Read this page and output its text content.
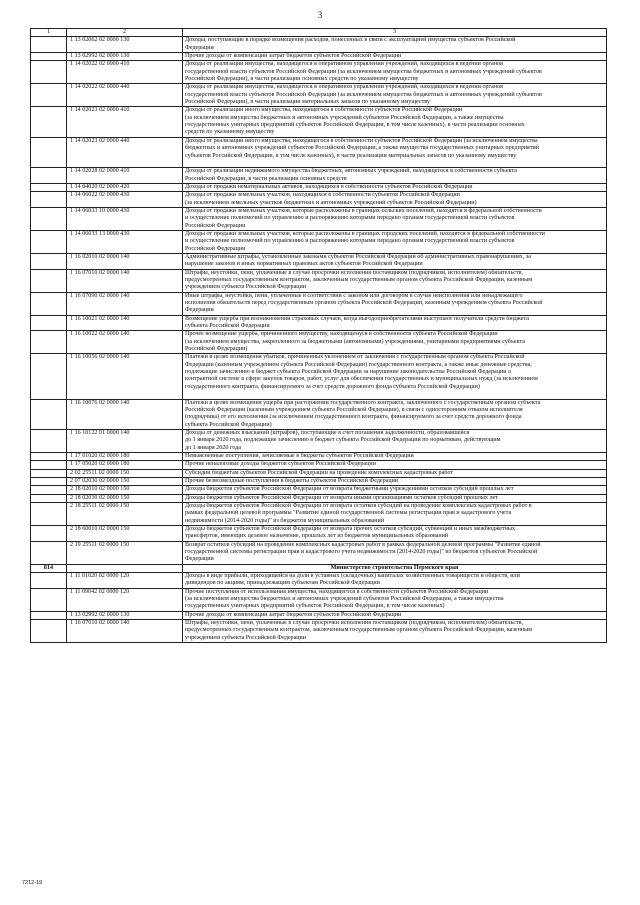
3
1	2	3
	1 13 02062 02 0000 130	Доходы, поступающие в порядке возмещения расходов, понесенных в связи с эксплуатацией имущества субъектов Российской
Федерации

	1 13 02992 02 0000 130	Прочие доходы от компенсации затрат бюджетов субъектов Российской Федерации

	1 14 02022 02 0000 410	Доходы от реализации имущества, находящегося в оперативном управлении учреждений, находящихся в ведении органов
государственной власти субъектов Российской Федерации (за исключением имущества бюджетных и автономных учреждений субъектов
Российской Федерации), в части реализации основных средств по указанному имуществу

	1 14 02022 02 0000 440	Доходы от реализации имущества, находящегося в оперативном управлении учреждений, находящихся в ведении органов
государственной власти субъектов Российской Федерации (за исключением имущества бюджетных и автономных учреждений субъектов
Российской Федерации), в части реализации материальных запасов по указанному имуществу

	1 14 02023 02 0000 410	Доходы от реализации иного имущества, находящегося в собственности субъектов Российской Федерации
(за исключением имущества бюджетных и автономных учреждений субъектов Российской Федерации, а также имущества
государственных унитарных предприятий субъектов Российской Федерации, в том числе казенных), в части реализации основных
средств по указанному имуществу

	1 14 02023 02 0000 440	Доходы от реализации иного имущества, находящегося в собственности субъектов Российской Федерации (за исключением имущества
бюджетных и автономных учреждений субъектов Российской Федерации, а также имущества государственных унитарных предприятий
субъектов Российской Федерации, в том числе казенных), в части реализации материальных запасов по указанному имуществу

	1 14 02028 02 0000 410	Доходы от реализации недвижимого имущества бюджетных, автономных учреждений, находящегося в собственности субъекта
Российской Федерации, в части реализации основных средств

	1 14 04020 02 0000 420	Доходы от продажи нематериальных активов, находящихся в собственности субъектов Российской Федерации

	1 14 06022 02 0000 430	Доходы от продажи земельных участков, находящихся в собственности субъектов Российской Федерации
(за исключением земельных участков бюджетных и автономных учреждений субъектов Российской Федерации)

	1 14 06033 10 0000 430	Доходы от продажи земельных участков, которые расположены в границах сельских поселений, находятся в федеральной собственности
и осуществление полномочий по управлению и распоряжению которыми передано органам государственной власти субъектов
Российской Федерации

	1 14 06033 13 0000 430	Доходы от продажи земельных участков, которые расположены в границах городских поселений, находятся в федеральной собственности
и осуществление полномочий по управлению и распоряжению которыми передано органам государственной власти субъектов
Российской Федерации

	1 16 02010 02 0000 140	Административные штрафы, установленные законами субъектов Российской Федерации об административных правонарушениях, за
нарушение законов и иных нормативных правовых актов субъектов Российской Федерации

	1 16 07010 02 0000 140	Штрафы, неустойки, пени, уплаченные в случае просрочки исполнения поставщиком (подрядчиком, исполнителем) обязательств,
предусмотренных государственным контрактом, заключенным государственным органом субъекта Российской Федерации, казенным
учреждением субъекта Российской Федерации

	1 16 07090 02 0000 140	Иные штрафы, неустойки, пени, уплаченные в соответствии с законом или договором в случае неисполнения или ненадлежащего
исполнения обязательств перед государственным органом субъекта Российской Федерации, казенным учреждением субъекта Российской
Федерации

	1 16 10021 02 0000 140	Возмещение ущерба при возникновении страховых случаев, когда выгодоприобретателями выступают получатели средств бюджета
субъекта Российской Федерации

	1 16 10022 02 0000 140	Прочее возмещение ущерба, причиненного имуществу, находящемуся в собственности субъекта Российской Федерации
(за исключением имущества, закрепленного за бюджетными (автономными) учреждениями, унитарными предприятиями субъекта
Российской Федерации)

	1 16 10056 02 0000 140	Платежи в целях возмещения убытков, причиненных уклонением от заключения с государственным органом субъекта Российской
Федерации (казенным учреждением субъекта Российской Федерации) государственного контракта, а также иные денежные средства,
подлежащие зачислению в бюджет субъекта Российской Федерации за нарушение законодательства Российской Федерации о
контрактной системе в сфере закупок товаров, работ, услуг для обеспечения государственных и муниципальных нужд (за исключением
государственного контракта, финансируемого за счет средств дорожного фонда субъекта Российской Федерации)

	1 16 10076 02 0000 140	Платежи в целях возмещения ущерба при расторжении государственного контракта, заключенного с государственным органом субъекта
Российской Федерации (казенным учреждением субъекта Российской Федерации), в связи с односторонним отказом исполнителя
(подрядчика) от его исполнения (за исключением государственного контракта, финансируемого за счет средств дорожного фонда
субъекта Российской Федерации)

	1 16 10122 01 0000 140	Доходы от денежных взысканий (штрафов), поступающие в счет погашения задолженности, образовавшейся
до 1 января 2020 года, подлежащие зачислению в бюджет субъекта Российской Федерации по нормативам, действующим
до 1 января 2020 года

	1 17 01020 02 0000 180	Невыясненные поступления, зачисляемые в бюджеты субъектов Российской Федерации

	1 17 05020 02 0000 180	Прочие неналоговые доходы бюджетов субъектов Российской Федерации

	2 02 25511 02 0000 150	Субсидии бюджетам субъектов Российской Федерации на проведение комплексных кадастровых работ

	2 07 02030 02 0000 150	Прочие безвозмездные поступления в бюджеты субъектов Российской Федерации

	2 18 02010 02 0000 150	Доходы бюджетов субъектов Российской Федерации от возврата бюджетными учреждениями остатков субсидий прошлых лет

	2 18 02030 02 0000 150	Доходы бюджетов субъектов Российской Федерации от возврата иными организациями остатков субсидий прошлых лет

	2 18 25511 02 0000 150	Доходы бюджетов субъектов Российской Федерации от возврата остатков субсидий на проведение комплексных кадастровых работ в
рамках федеральной целевой программы "Развитие единой государственной системы регистрации прав и кадастрового учета
недвижимости (2014-2020 годы)" из бюджетов муниципальных образований

	2 18 60010 02 0000 150	Доходы бюджетов субъектов Российской Федерации от возврата прочих остатков субсидий, субвенций и иных межбюджетных
трансфертов, имеющих целевое назначение, прошлых лет из бюджетов муниципальных образований

	2 19 25511 02 0000 150	Возврат остатков субсидий на проведение комплексных кадастровых работ в рамках федеральной целевой программы "Развитие единой
государственной системы регистрации прав и кадастрового учета недвижимости (2014-2020 годы)" из бюджетов субъектов Российской
Федерации

814		Министерство строительства Пермского края

	1 11 01020 02 0000 120	Доходы в виде прибыли, приходящейся на доли в уставных (складочных) капиталах хозяйственных товариществ и обществ, или
дивидендов по акциям, принадлежащим субъектам Российской Федерации

	1 11 09042 02 0000 120	Прочие поступления от использования имущества, находящегося в собственности субъектов Российской Федерации
(за исключением имущества бюджетных и автономных учреждений субъектов Российской Федерации, а также имущества
государственных унитарных предприятий субъектов Российской Федерации, в том числе казенных)

	1 13 02992 02 0000 130	Прочие доходы от компенсации затрат бюджетов субъектов Российской Федерации

	1 16 07010 02 0000 140	Штрафы, неустойки, пени, уплаченные в случае просрочки исполнения поставщиком (подрядчиком, исполнителем) обязательств,
предусмотренных государственным контрактом, заключенным государственным органом субъекта Российской Федерации, казенным
учреждением субъекта Российской Федерации
7212-19
